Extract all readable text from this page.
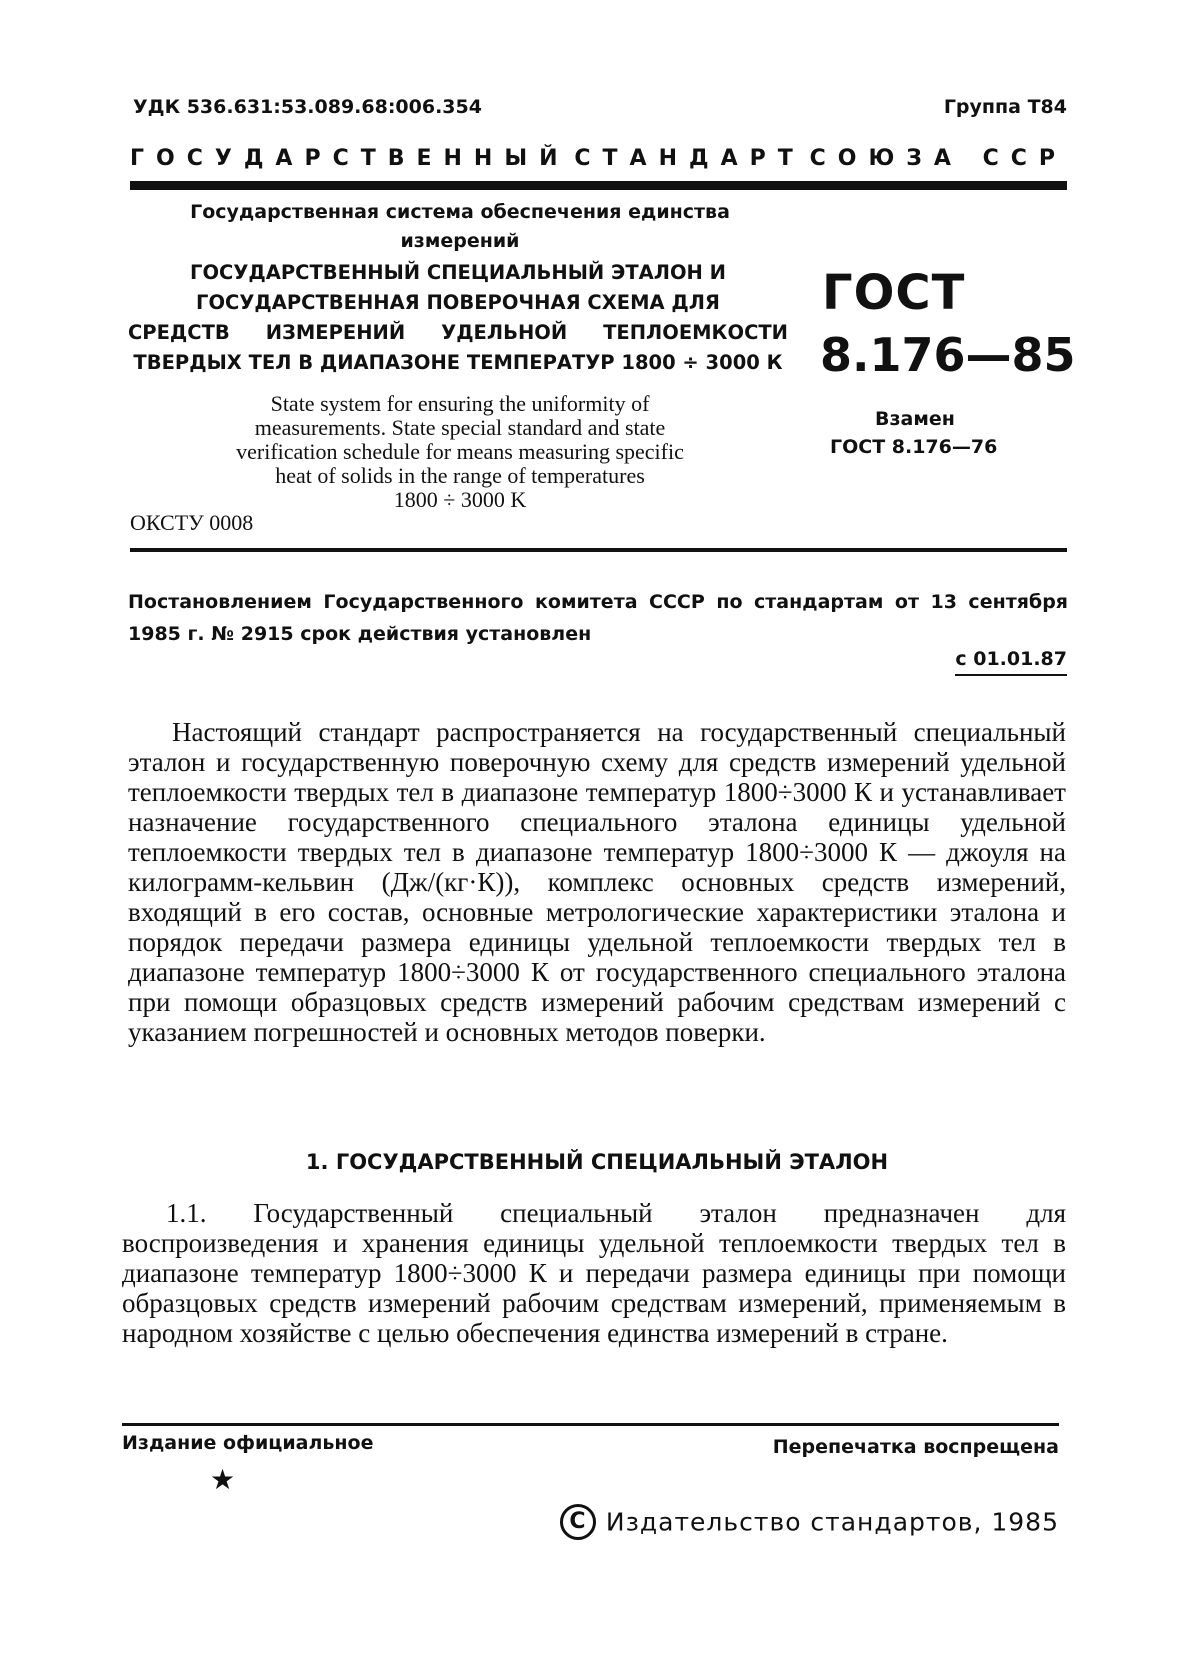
УДК 536.631:53.089.68:006.354	Группа Т84
ГОСУДАРСТВЕННЫЙ СТАНДАРТ СОЮЗА ССР
Государственная система обеспечения единства
измерений
ГОСУДАРСТВЕННЫЙ СПЕЦИАЛЬНЫЙ ЭТАЛОН И
ГОСУДАРСТВЕННАЯ ПОВЕРОЧНАЯ СХЕМА ДЛЯ
СРЕДСТВ ИЗМЕРЕНИЙ УДЕЛЬНОЙ ТЕПЛОЕМКОСТИ
ТВЕРДЫХ ТЕЛ В ДИАПАЗОНЕ ТЕМПЕРАТУР 1800 ÷ 3000 К
State system for ensuring the uniformity of
measurements. State special standard and state
verification schedule for means measuring specific
heat of solids in the range of temperatures
1800 ÷ 3000 K
ОКСТУ 0008
ГОСТ
8.176—85
Взамен
ГОСТ 8.176—76
Постановлением Государственного комитета СССР по стандартам от 13 сентября 1985 г. № 2915 срок действия установлен
с 01.01.87
Настоящий стандарт распространяется на государственный специальный эталон и государственную поверочную схему для средств измерений удельной теплоемкости твердых тел в диапазоне температур 1800÷3000 К и устанавливает назначение государственного специального эталона единицы удельной теплоемкости твердых тел в диапазоне температур 1800÷3000 К — джоуля на килограмм-кельвин (Дж/(кг·К)), комплекс основных средств измерений, входящий в его состав, основные метрологические характеристики эталона и порядок передачи размера единицы удельной теплоемкости твердых тел в диапазоне температур 1800÷3000 К от государственного специального эталона при помощи образцовых средств измерений рабочим средствам измерений с указанием погрешностей и основных методов поверки.
1. ГОСУДАРСТВЕННЫЙ СПЕЦИАЛЬНЫЙ ЭТАЛОН
1.1. Государственный специальный эталон предназначен для воспроизведения и хранения единицы удельной теплоемкости твердых тел в диапазоне температур 1800÷3000 К и передачи размера единицы при помощи образцовых средств измерений рабочим средствам измерений, применяемым в народном хозяйстве с целью обеспечения единства измерений в стране.
Издание официальное	Перепечатка воспрещена
★
C Издательство стандартов, 1985
